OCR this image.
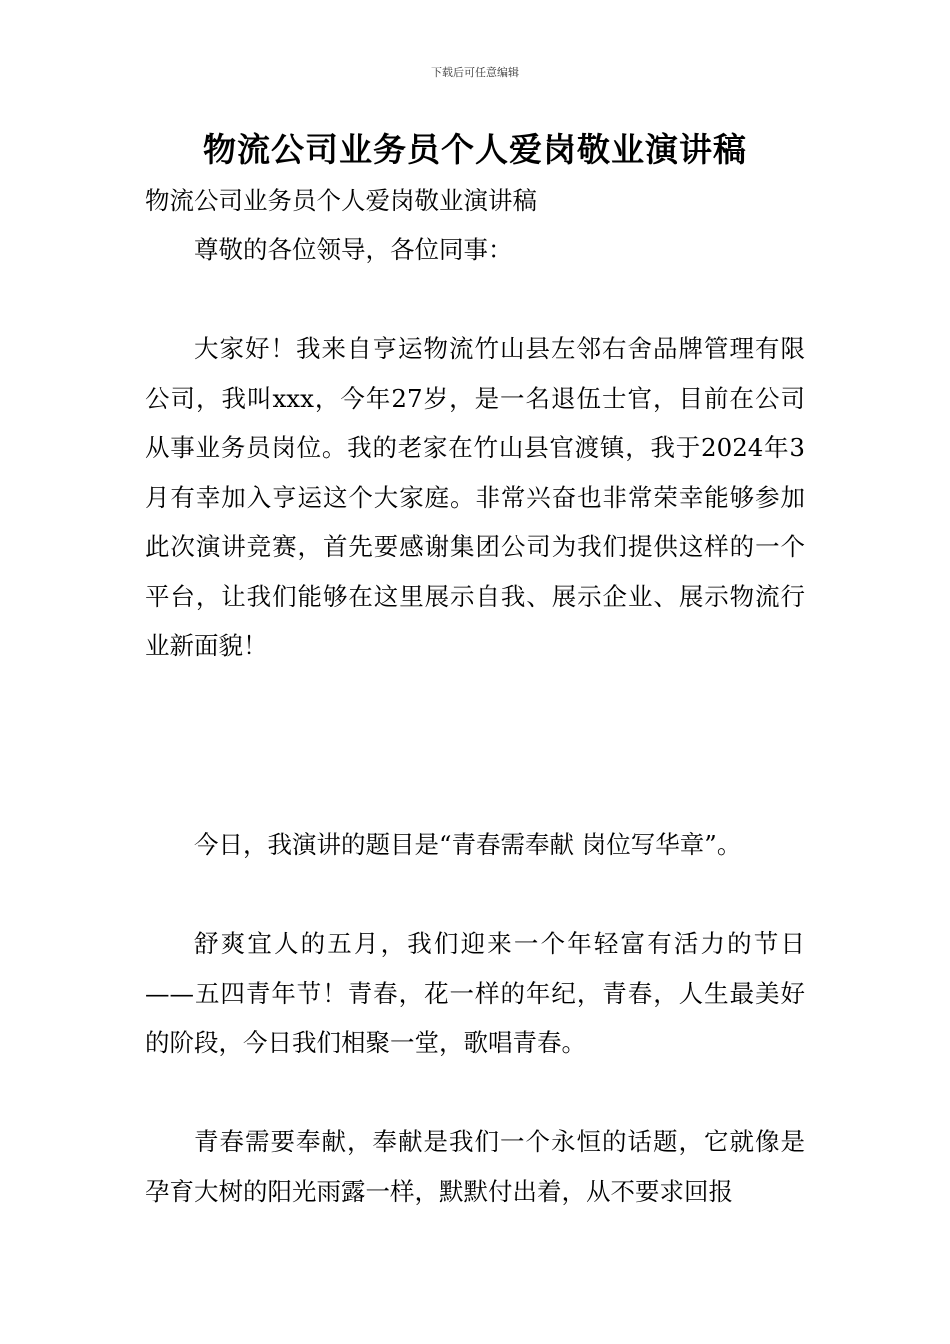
下载后可任意编辑
物流公司业务员个人爱岗敬业演讲稿

物流公司业务员个人爱岗敬业演讲稿

尊敬的各位领导，各位同事：

大家好！我来自亨运物流竹山县左邻右舍品牌管理有限公司，我叫xxx，今年27岁，是一名退伍士官，目前在公司从事业务员岗位。我的老家在竹山县官渡镇，我于2024年3月有幸加入亨运这个大家庭。非常兴奋也非常荣幸能够参加此次演讲竞赛，首先要感谢集团公司为我们提供这样的一个平台，让我们能够在这里展示自我、展示企业、展示物流行业新面貌！

今日，我演讲的题目是“青春需奉献 岗位写华章”。

舒爽宜人的五月，我们迎来一个年轻富有活力的节日——五四青年节！青春，花一样的年纪，青春，人生最美好的阶段，今日我们相聚一堂，歌唱青春。

青春需要奉献，奉献是我们一个永恒的话题，它就像是孕育大树的阳光雨露一样，默默付出着，从不要求回报
